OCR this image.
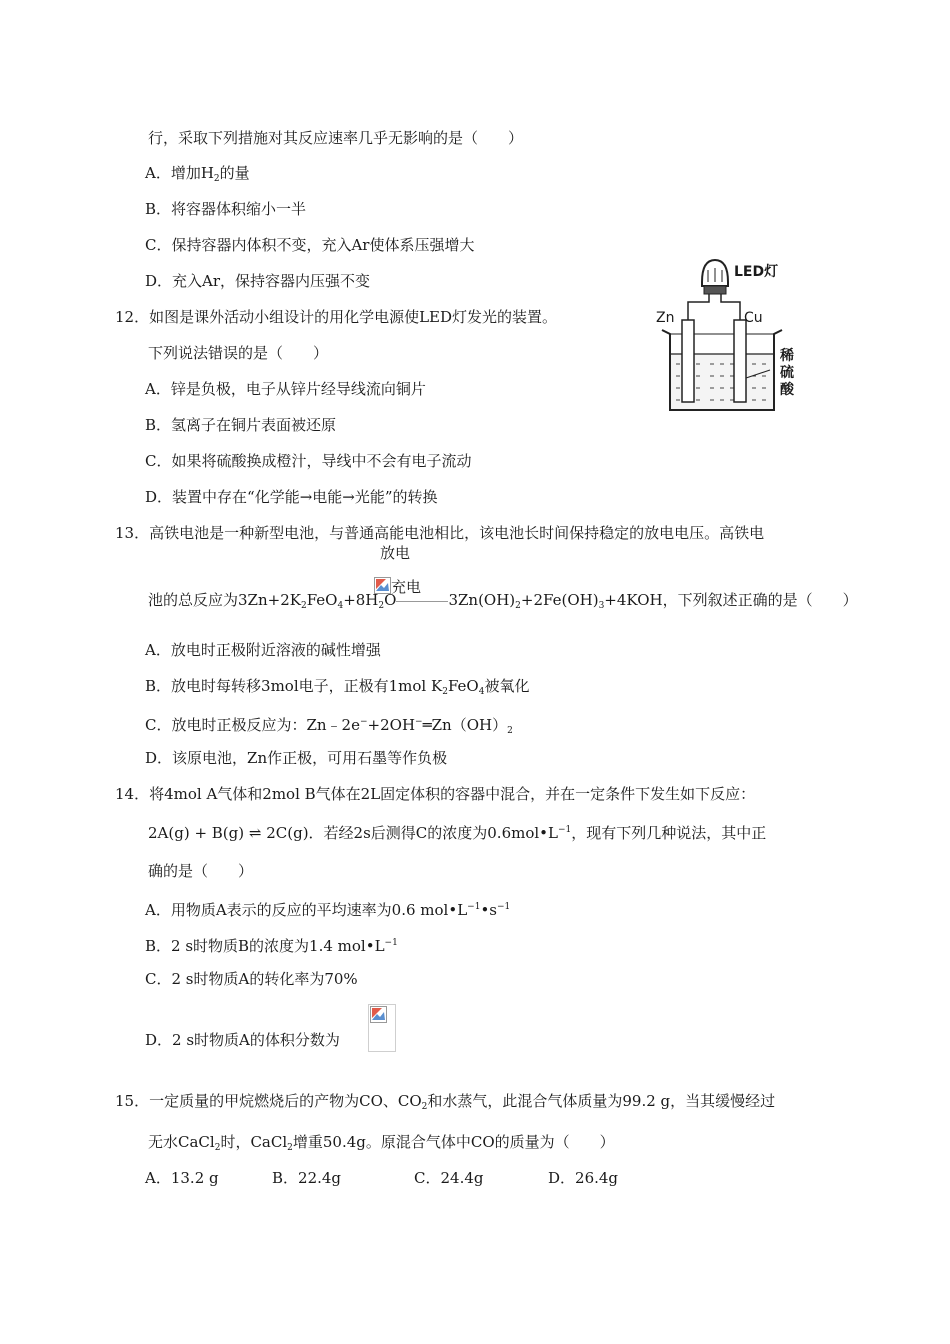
行，采取下列措施对其反应速率几乎无影响的是（　　）
A．增加$H_2$的量
B．将容器体积缩小一半
C．保持容器内体积不变，充入Ar使体系压强增大
D．充入Ar，保持容器内压强不变
12．如图是课外活动小组设计的用化学电源使LED灯发光的装置。
下列说法错误的是（　　）
A．锌是负极，电子从锌片经导线流向铜片
B．氢离子在铜片表面被还原
C．如果将硫酸换成橙汁，导线中不会有电子流动
D．装置中存在“化学能→电能→光能”的转换
LED灯
Zn	Cu
稀硫酸
13．高铁电池是一种新型电池，与普通高能电池相比，该电池长时间保持稳定的放电电压。高铁电
放电
充电
池的总反应为$3Zn+2K_2FeO_4+8H_2O$	$3Zn(OH)_2+2Fe(OH)_3+4KOH$，下列叙述正确的是（　　）
A．放电时正极附近溶液的碱性增强
B．放电时每转移3mol电子，正极有1mol $K_2FeO_4$被氧化
C．放电时正极反应为：$Zn﹣2e^-+2OH^-═Zn(OH)_2$
D．该原电池，Zn作正极，可用石墨等作负极
14．将4mol A气体和2mol B气体在2L固定体积的容器中混合，并在一定条件下发生如下反应：
2A(g) + B(g) ⇌ 2C(g)．若经2s后测得C的浓度为$0.6mol•L^{-1}$，现有下列几种说法，其中正
确的是（　　）
A．用物质A表示的反应的平均速率为0.6 $mol•L^{-1}•s^{-1}$
B．2 s时物质B的浓度为1.4 $mol•L^{-1}$
C．2 s时物质A的转化率为70%
D．2 s时物质A的体积分数为
15．一定质量的甲烷燃烧后的产物为CO、$CO_2$和水蒸气，此混合气体质量为99.2 g，当其缓慢经过
无水CaCl$_2$时，CaCl$_2$增重50.4g。原混合气体中CO的质量为（　　）
A．13.2 g	B．22.4g	C．24.4g	D．26.4g
